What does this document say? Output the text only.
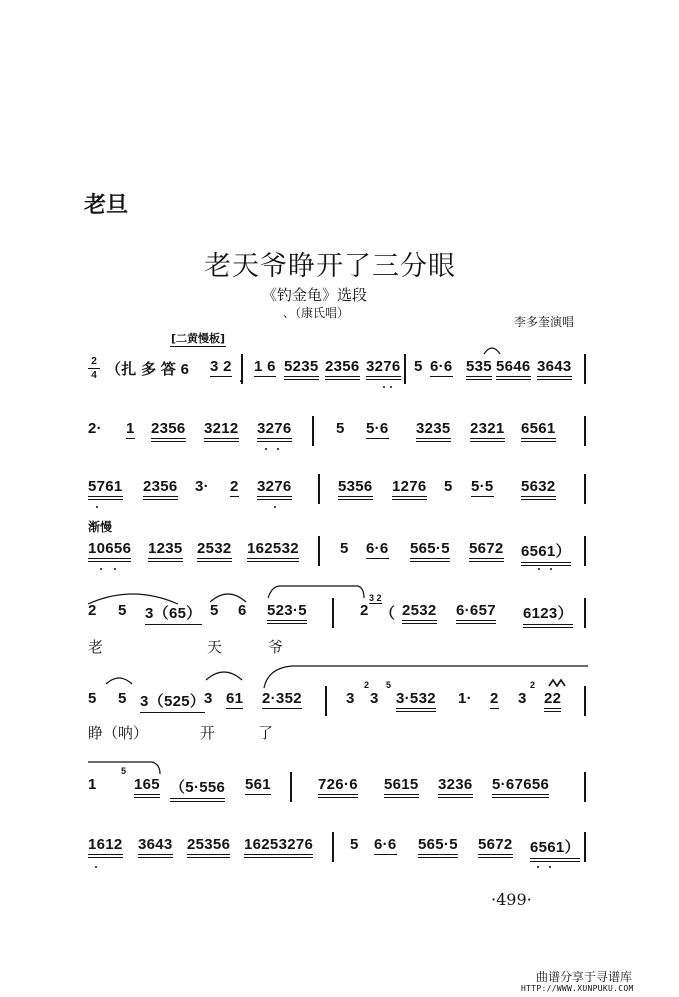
老旦
老天爷睁开了三分眼
《钓金龟》选段
、（康氏唱）
李多奎演唱
[二黄慢板]
2
4 （扎 多 答 6 3 2 1 6 5235 2356 3276 5 6·6 535 5646 3643
2· 1 2356 3212 3276	5 5·6 3235 2321 6561
5761 2356 3· 2 3276	5356 1276 5 5·5 5632
渐慢
10656 1235 2532 162532	5 6·6 565·5 5672 6561）
2 5 3（65） 5 6 523·5	2 （ 2532 6·657 6123）
3 2
老	天	爷
5 5 3（525）
3 61 2·352	3 3 3·532 1· 2 3 22
2 5	2
睁（呐）	开	了
1 165 （5·556 561	726·6 5615 3236 5·67656
5
1612 3643 25356 16253276 5 6·6 565·5 5672 6561）
·499·
曲谱分享于寻谱库
HTTP://WWW.XUNPUKU.COM
